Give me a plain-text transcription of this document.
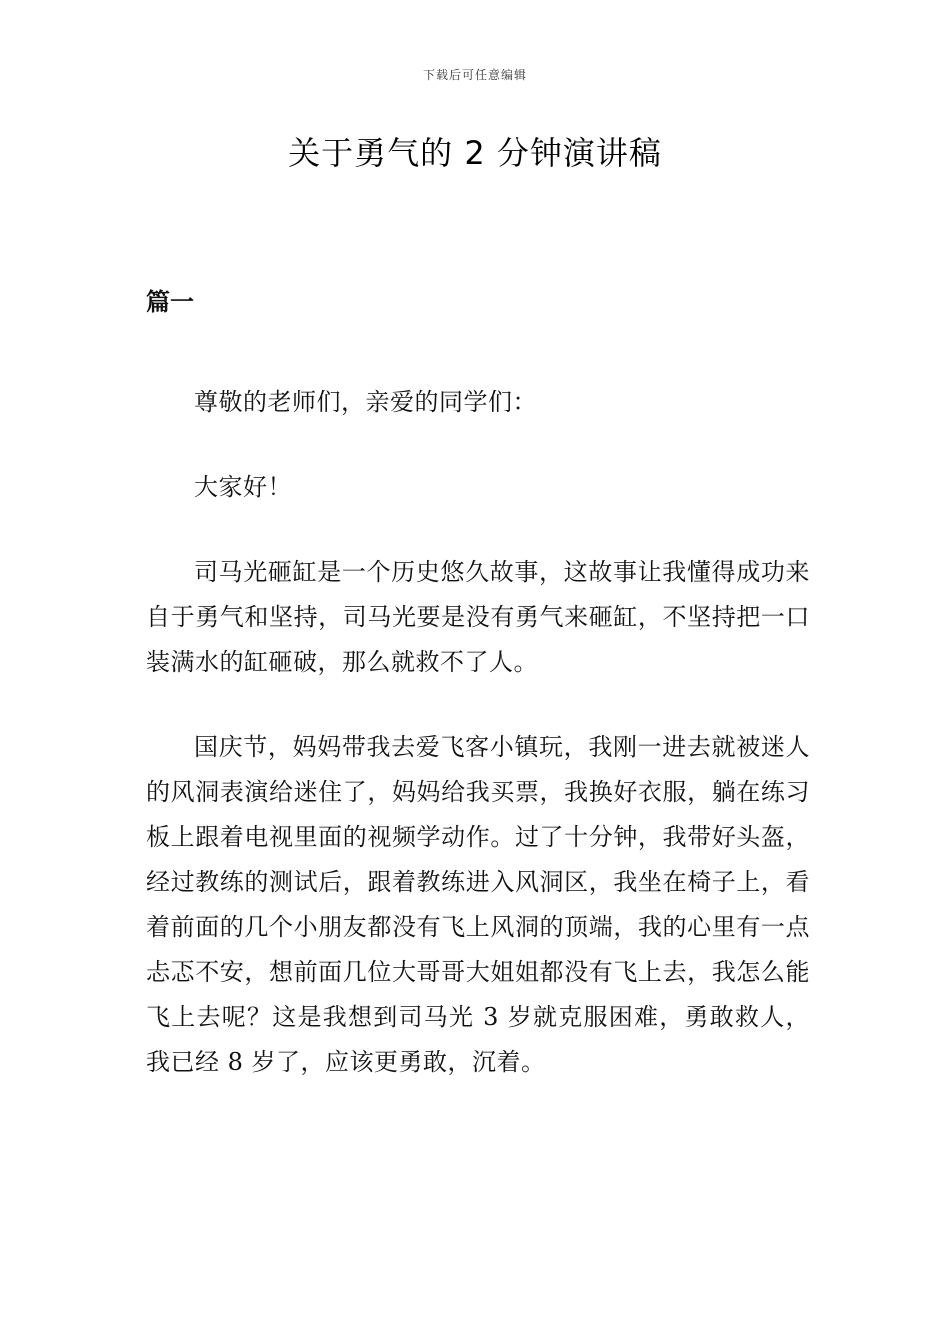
下载后可任意编辑
关于勇气的 2 分钟演讲稿
篇一

尊敬的老师们，亲爱的同学们：

大家好！

司马光砸缸是一个历史悠久故事，这故事让我懂得成功来自于勇气和坚持，司马光要是没有勇气来砸缸，不坚持把一口装满水的缸砸破，那么就救不了人。

国庆节，妈妈带我去爱飞客小镇玩，我刚一进去就被迷人的风洞表演给迷住了，妈妈给我买票，我换好衣服，躺在练习板上跟着电视里面的视频学动作。过了十分钟，我带好头盔，经过教练的测试后，跟着教练进入风洞区，我坐在椅子上，看着前面的几个小朋友都没有飞上风洞的顶端，我的心里有一点忐忑不安，想前面几位大哥哥大姐姐都没有飞上去，我怎么能飞上去呢？这是我想到司马光 3 岁就克服困难，勇敢救人，我已经 8 岁了，应该更勇敢，沉着。
